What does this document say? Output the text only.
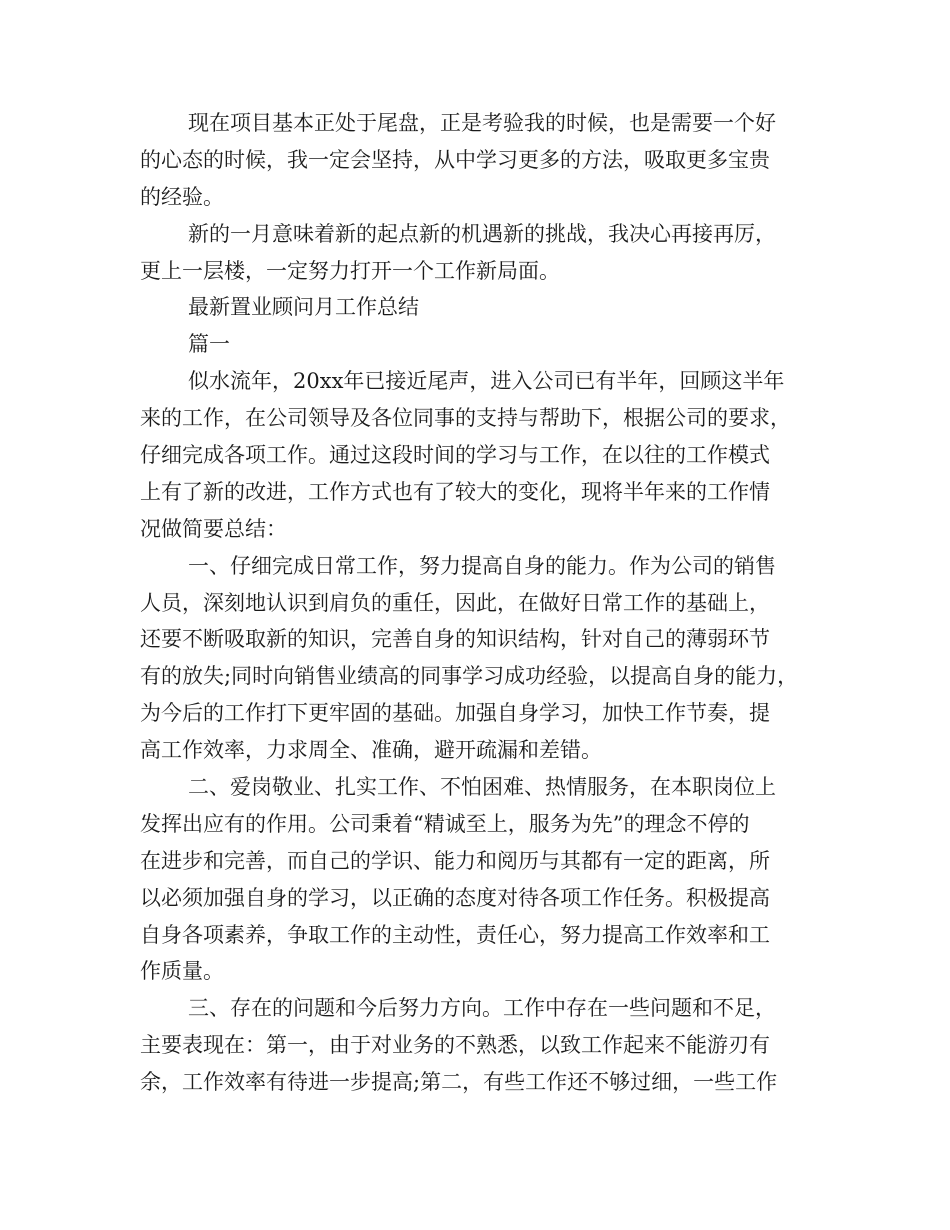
现在项目基本正处于尾盘，正是考验我的时候，也是需要一个好
的心态的时候，我一定会坚持，从中学习更多的方法，吸取更多宝贵
的经验。
新的一月意味着新的起点新的机遇新的挑战，我决心再接再厉，
更上一层楼，一定努力打开一个工作新局面。
最新置业顾问月工作总结
篇一
似水流年，20xx年已接近尾声，进入公司已有半年，回顾这半年
来的工作，在公司领导及各位同事的支持与帮助下，根据公司的要求，
仔细完成各项工作。通过这段时间的学习与工作，在以往的工作模式
上有了新的改进，工作方式也有了较大的变化，现将半年来的工作情
况做简要总结：
一、仔细完成日常工作，努力提高自身的能力。作为公司的销售
人员，深刻地认识到肩负的重任，因此，在做好日常工作的基础上，
还要不断吸取新的知识，完善自身的知识结构，针对自己的薄弱环节
有的放失;同时向销售业绩高的同事学习成功经验，以提高自身的能力，
为今后的工作打下更牢固的基础。加强自身学习，加快工作节奏，提
高工作效率，力求周全、准确，避开疏漏和差错。
二、爱岗敬业、扎实工作、不怕困难、热情服务，在本职岗位上
发挥出应有的作用。公司秉着“精诚至上，服务为先”的理念不停的
在进步和完善，而自己的学识、能力和阅历与其都有一定的距离，所
以必须加强自身的学习，以正确的态度对待各项工作任务。积极提高
自身各项素养，争取工作的主动性，责任心，努力提高工作效率和工
作质量。
三、存在的问题和今后努力方向。工作中存在一些问题和不足，
主要表现在：第一，由于对业务的不熟悉，以致工作起来不能游刃有
余，工作效率有待进一步提高;第二，有些工作还不够过细，一些工作
